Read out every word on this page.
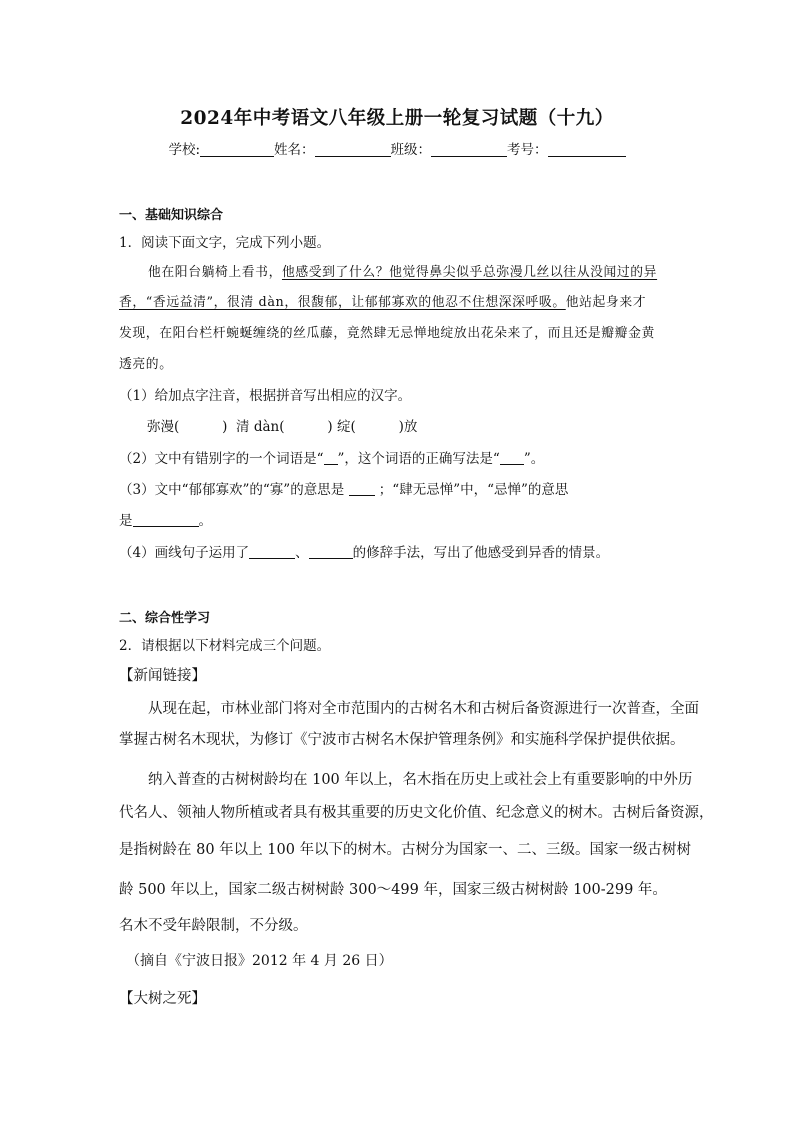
2024年中考语文八年级上册一轮复习试题（十九）
学校:	姓名：	班级：	考号：
一、基础知识综合
1．阅读下面文字，完成下列小题。
他在阳台躺椅上看书，他感受到了什么？他觉得鼻尖似乎总弥漫几丝以往从没闻过的异
香，“香远益清”，很清 dàn，很馥郁，让郁郁寡欢的他忍不住想深深呼吸。他站起身来才
发现，在阳台栏杆蜿蜒缠绕的丝瓜藤，竟然肆无忌惮地绽放出花朵来了，而且还是瓣瓣金黄
透亮的。
（1）给加点字注音，根据拼音写出相应的汉字。
弥漫(          )  清 dàn(          ) 绽(          )放
（2）文中有错别字的一个词语是“ ”，这个词语的正确写法是“ ”。
（3）文中“郁郁寡欢”的“寡”的意思是	；“肆无忌惮”中，“忌惮”的意思
是	。
（4）画线句子运用了	、	的修辞手法，写出了他感受到异香的情景。
二、综合性学习
2．请根据以下材料完成三个问题。
【新闻链接】
从现在起，市林业部门将对全市范围内的古树名木和古树后备资源进行一次普查，全面
掌握古树名木现状，为修订《宁波市古树名木保护管理条例》和实施科学保护提供依据。
纳入普查的古树树龄均在 100 年以上，名木指在历史上或社会上有重要影响的中外历
代名人、领袖人物所植或者具有极其重要的历史文化价值、纪念意义的树木。古树后备资源，
是指树龄在 80 年以上 100 年以下的树木。古树分为国家一、二、三级。国家一级古树树
龄 500 年以上，国家二级古树树龄 300～499 年，国家三级古树树龄 100-299 年。
名木不受年龄限制，不分级。
（摘自《宁波日报》2012 年 4 月 26 日）
【大树之死】
